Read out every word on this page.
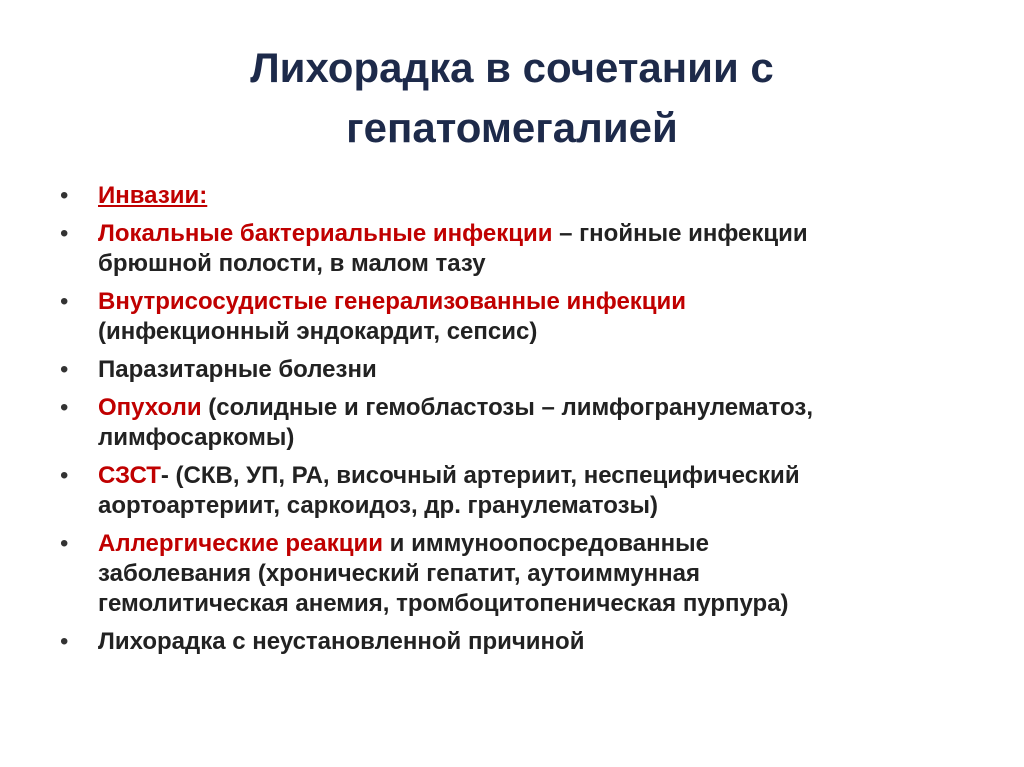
Лихорадка в сочетании с
гепатомегалией
• Инвазии:
• Локальные бактериальные инфекции – гнойные инфекции
брюшной полости, в малом тазу
• Внутрисосудистые генерализованные инфекции
(инфекционный эндокардит, сепсис)
• Паразитарные болезни
• Опухоли (солидные и гемобластозы – лимфогранулематоз,
лимфосаркомы)
• СЗСТ- (СКВ, УП, РА, височный артериит, неспецифический
аортоартериит, саркоидоз, др. гранулематозы)
• Аллергические реакции и иммуноопосредованные
заболевания (хронический гепатит, аутоиммунная
гемолитическая анемия, тромбоцитопеническая пурпура)
• Лихорадка с неустановленной причиной
